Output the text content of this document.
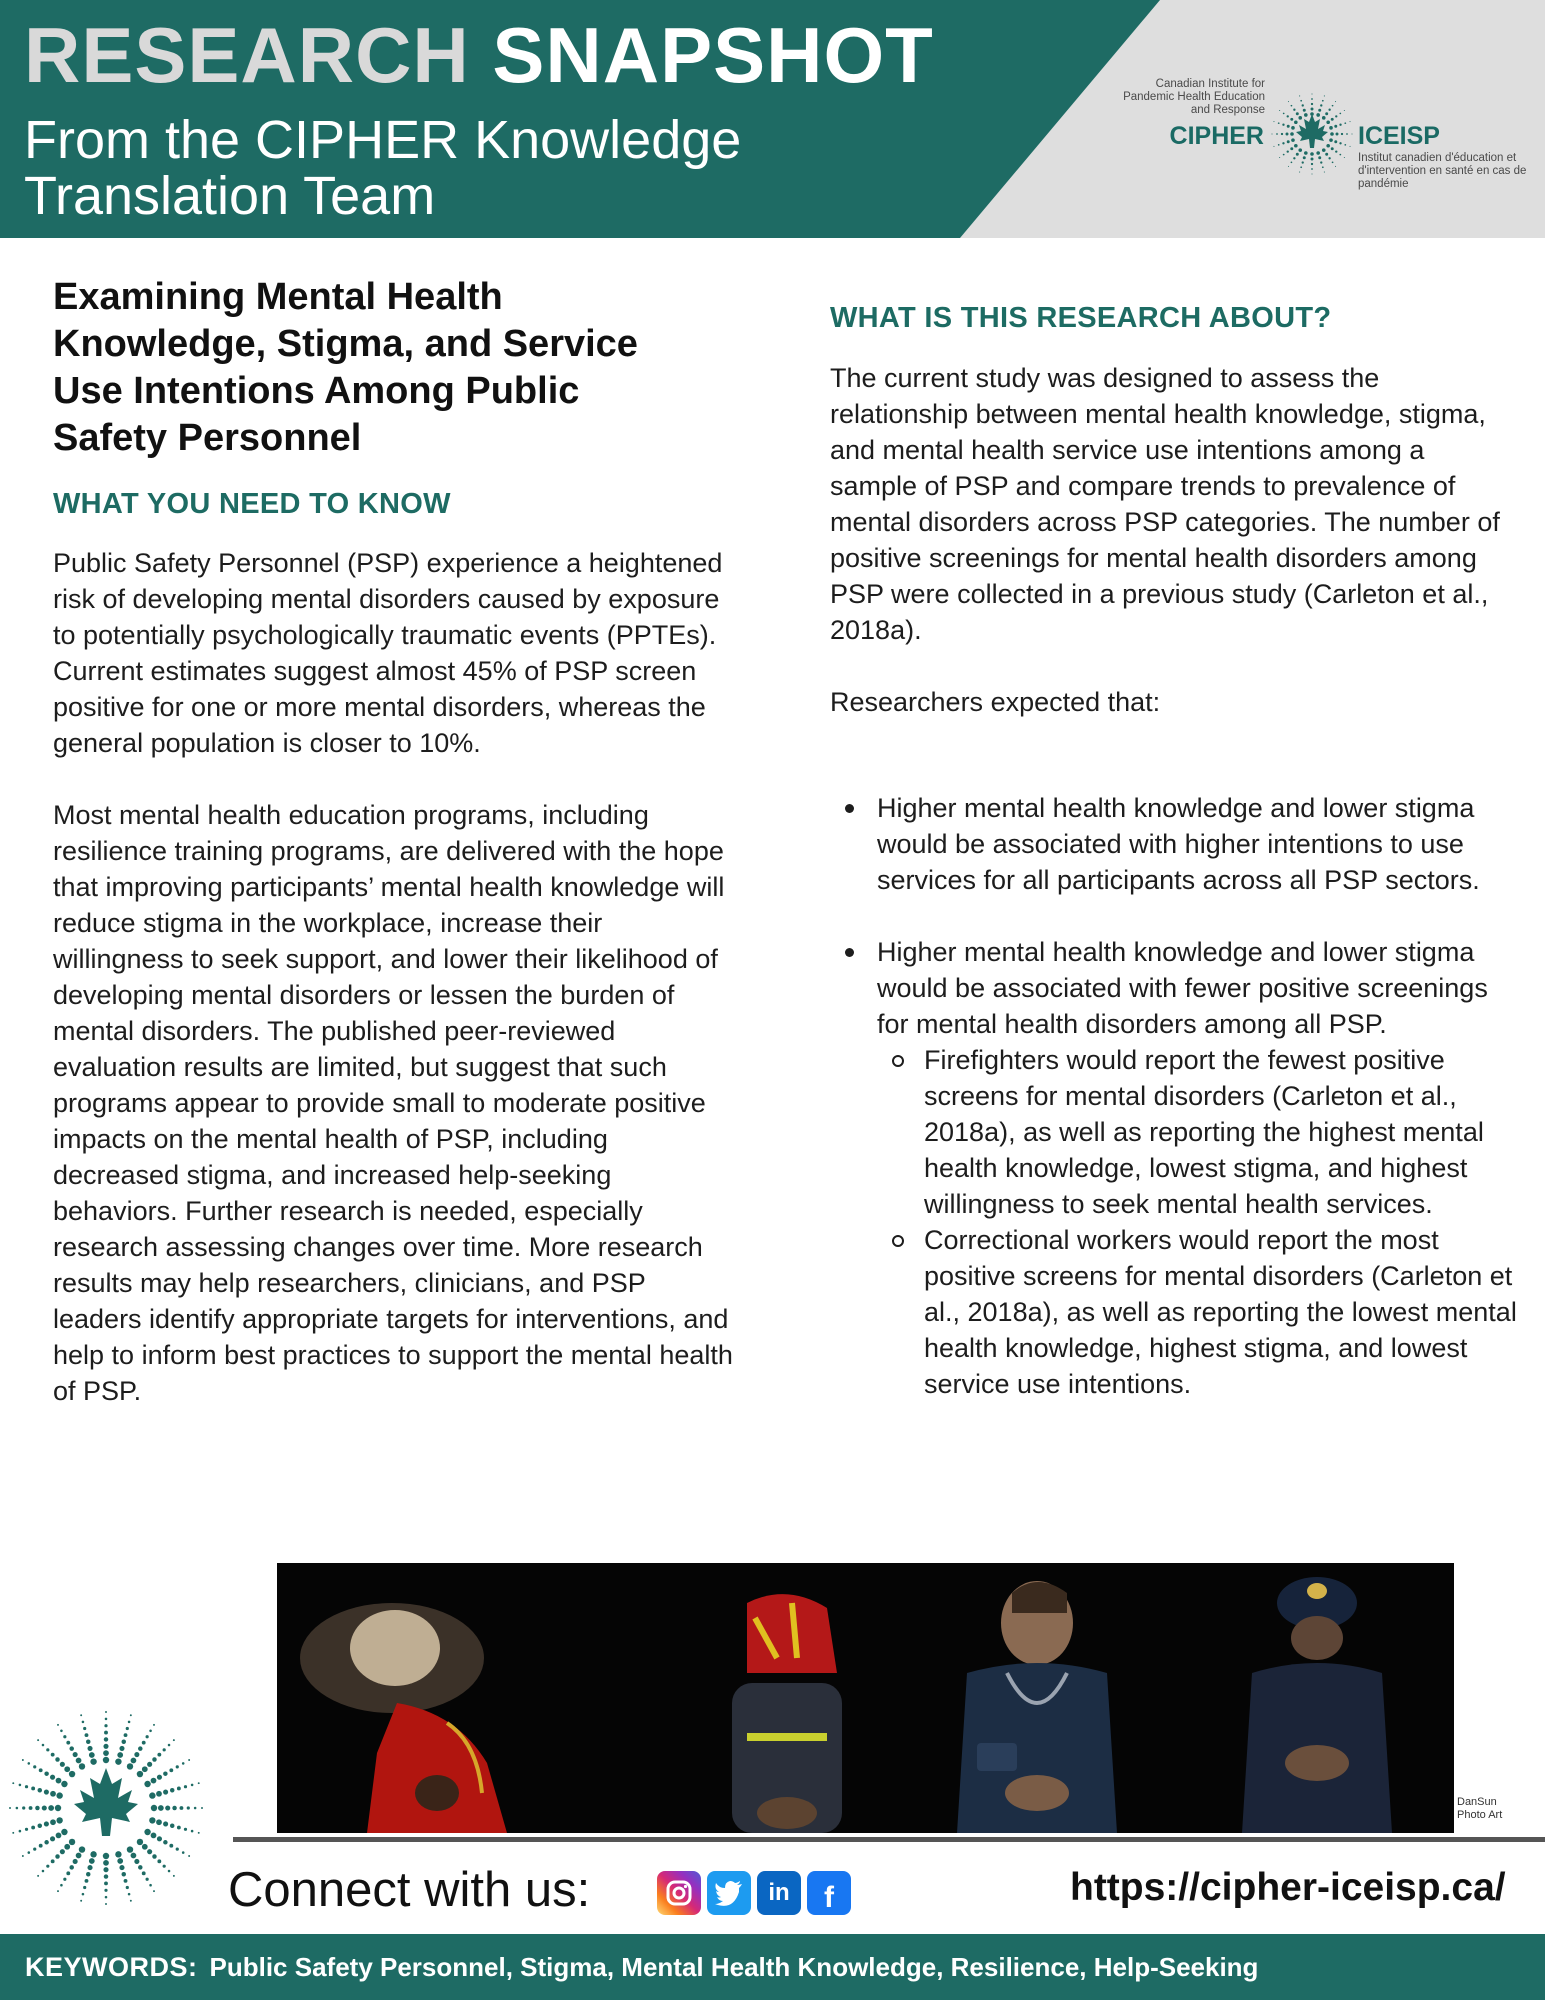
RESEARCH SNAPSHOT
From the CIPHER Knowledge Translation Team
Canadian Institute for Pandemic Health Education and Response
CIPHER	ICEISP
Institut canadien d'éducation et d'intervention en santé en cas de pandémie
Examining Mental Health Knowledge, Stigma, and Service Use Intentions Among Public Safety Personnel
WHAT YOU NEED TO KNOW

Public Safety Personnel (PSP) experience a heightened risk of developing mental disorders caused by exposure to potentially psychologically traumatic events (PPTEs). Current estimates suggest almost 45% of PSP screen positive for one or more mental disorders, whereas the general population is closer to 10%.

Most mental health education programs, including resilience training programs, are delivered with the hope that improving participants’ mental health knowledge will reduce stigma in the workplace, increase their willingness to seek support, and lower their likelihood of developing mental disorders or lessen the burden of mental disorders. The published peer-reviewed evaluation results are limited, but suggest that such programs appear to provide small to moderate positive impacts on the mental health of PSP, including decreased stigma, and increased help-seeking behaviors. Further research is needed, especially research assessing changes over time. More research results may help researchers, clinicians, and PSP leaders identify appropriate targets for interventions, and help to inform best practices to support the mental health of PSP.

WHAT IS THIS RESEARCH ABOUT?

The current study was designed to assess the relationship between mental health knowledge, stigma, and mental health service use intentions among a sample of PSP and compare trends to prevalence of mental disorders across PSP categories. The number of positive screenings for mental health disorders among PSP were collected in a previous study (Carleton et al., 2018a).

Researchers expected that:

Higher mental health knowledge and lower stigma would be associated with higher intentions to use services for all participants across all PSP sectors.
Higher mental health knowledge and lower stigma would be associated with fewer positive screenings for mental health disorders among all PSP.
Firefighters would report the fewest positive screens for mental disorders (Carleton et al., 2018a), as well as reporting the highest mental health knowledge, lowest stigma, and highest willingness to seek mental health services.
Correctional workers would report the most positive screens for mental disorders (Carleton et al., 2018a), as well as reporting the lowest mental health knowledge, highest stigma, and lowest service use intentions.
DanSun Photo Art
Connect with us:	in f	https://cipher-iceisp.ca/
KEYWORDS: Public Safety Personnel, Stigma, Mental Health Knowledge, Resilience, Help-Seeking
